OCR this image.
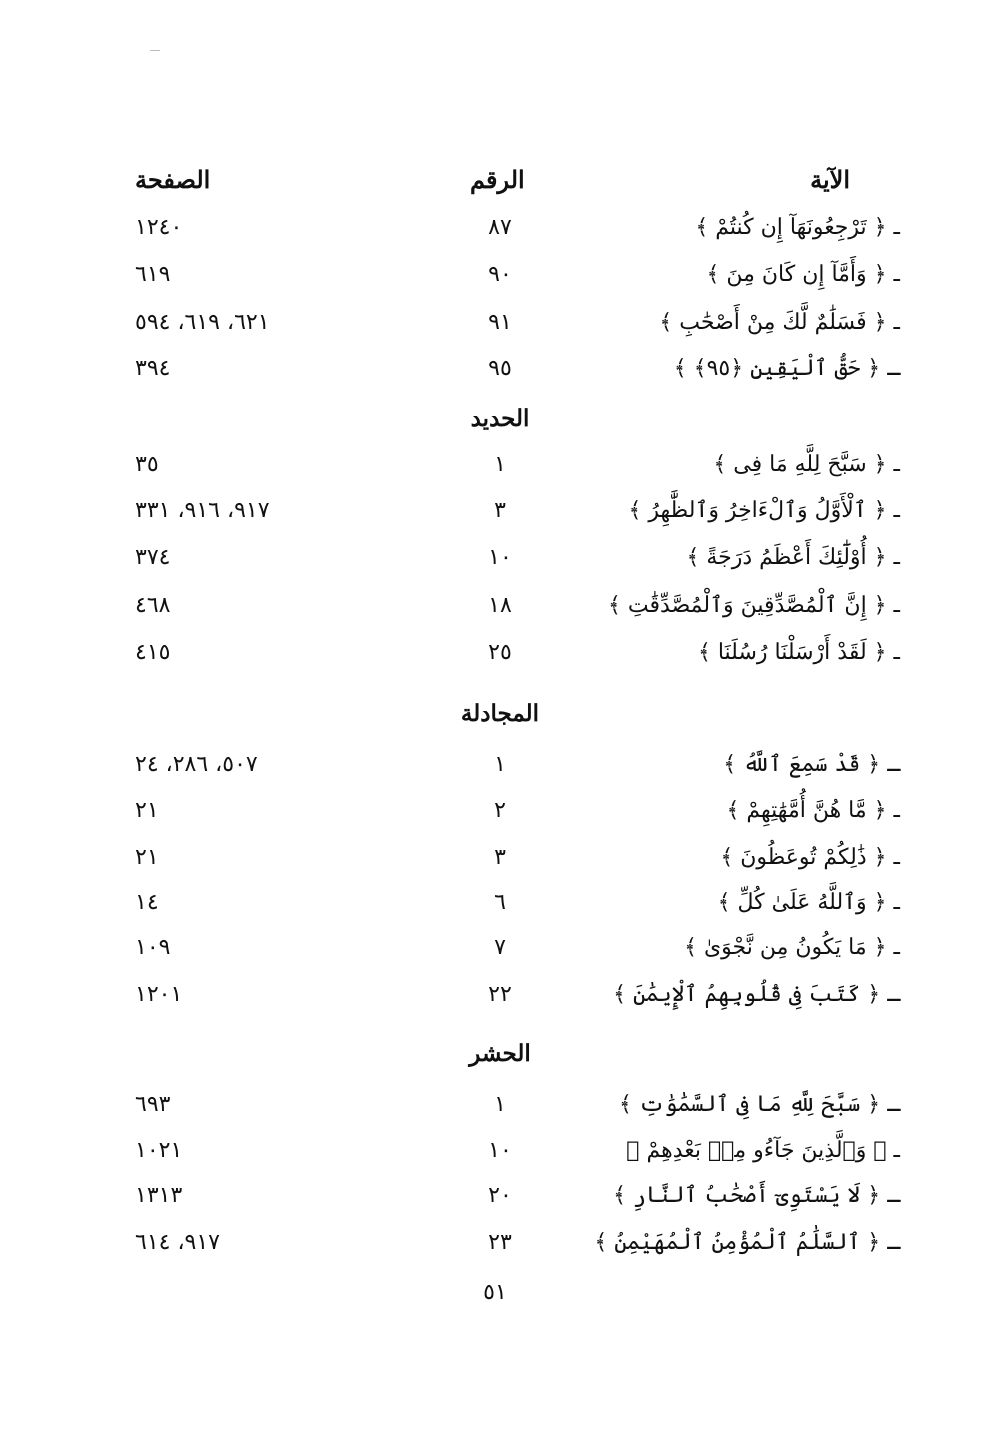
الآية
الرقم
الصفحة
ـ ﴿ تَرْجِعُونَهَآ إِن كُنتُمْ ﴾
٨٧
١٢٤٠
ـ ﴿ وَأَمَّآ إِن كَانَ مِنَ ﴾
٩٠
٦١٩
ـ ﴿ فَسَلَٰمٌ لَّكَ مِنْ أَصْحَٰبِ ﴾
٩١
٦٢١، ٦١٩، ٥٩٤
ـ ﴿ حَقُّ ٱلْيَقِينِ ﴿٩٥﴾ ﴾
٩٥
٣٩٤
الحديد
ـ ﴿ سَبَّحَ لِلَّهِ مَا فِى ﴾
١
٣٥
ـ ﴿ ٱلْأَوَّلُ وَٱلْءَاخِرُ وَٱلظَّٰهِرُ ﴾
٣
٩١٧، ٩١٦، ٣٣١
ـ ﴿ أُوْلَٰٓئِكَ أَعْظَمُ دَرَجَةً ﴾
١٠
٣٧٤
ـ ﴿ إِنَّ ٱلْمُصَّدِّقِينَ وَٱلْمُصَّدِّقَٰتِ ﴾
١٨
٤٦٨
ـ ﴿ لَقَدْ أَرْسَلْنَا رُسُلَنَا ﴾
٢٥
٤١٥
المجادلة
ـ ﴿ قَدْ سَمِعَ ٱللَّهُ ﴾
١
٥٠٧، ٢٨٦، ٢٤
ـ ﴿ مَّا هُنَّ أُمَّهَٰتِهِمْ ﴾
٢
٢١
ـ ﴿ ذَٰلِكُمْ تُوعَظُونَ ﴾
٣
٢١
ـ ﴿ وَٱللَّهُ عَلَىٰ كُلِّ ﴾
٦
١٤
ـ ﴿ مَا يَكُونُ مِن نَّجْوَىٰ ﴾
٧
١٠٩
ـ ﴿ كَتَبَ فِى قُلُوبِهِمُ ٱلْإِيمَٰنَ ﴾
٢٢
١٢٠١
الحشر
ـ ﴿ سَبَّحَ لِلَّهِ مَا فِى ٱلسَّمَٰوَٰتِ ﴾
١
٦٩٣
ـ ﴿ وَٱلَّذِينَ جَآءُو مِنۢ بَعْدِهِمْ ﴾
١٠
١٠٢١
ـ ﴿ لَا يَسْتَوِىٓ أَصْحَٰبُ ٱلنَّارِ ﴾
٢٠
١٣١٣
ـ ﴿ ٱلسَّلَٰمُ ٱلْمُؤْمِنُ ٱلْمُهَيْمِنُ ﴾
٢٣
٩١٧، ٦١٤
٥١
